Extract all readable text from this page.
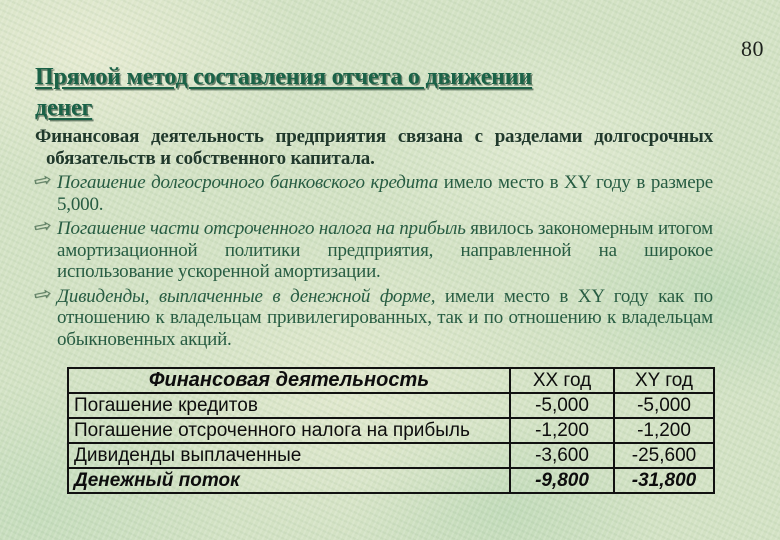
80
Прямой метод составления отчета о движении денег

Финансовая деятельность предприятия связана с разделами долгосрочных обязательств и собственного капитала.

⇨ Погашение долгосрочного банковского кредита имело место в XY году в размере 5,000.

⇨ Погашение части отсроченного налога на прибыль явилось закономерным итогом амортизационной политики предприятия, направленной на широкое использование ускоренной амортизации.

⇨ Дивиденды, выплаченные в денежной форме, имели место в XY году как по отношению к владельцам привилегированных, так и по отношению к владельцам обыкновенных акций.

Финансовая деятельность	XX год	XY год
Погашение кредитов	-5,000	-5,000
Погашение отсроченного налога на прибыль	-1,200	-1,200
Дивиденды выплаченные	-3,600	-25,600
Денежный поток	-9,800	-31,800
